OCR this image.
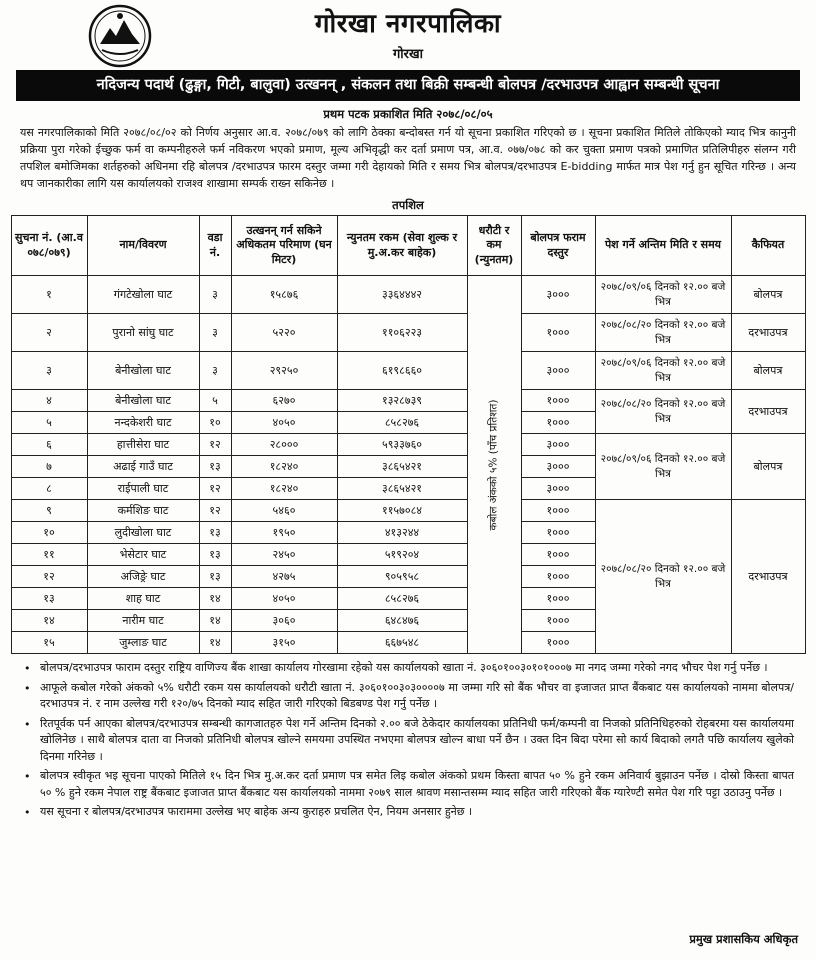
गोरखा नगरपालिका
गोरखा
नदिजन्य पदार्थ (ढुङ्गा, गिटी, बालुवा) उत्खनन् , संकलन तथा बिक्री सम्बन्धी बोलपत्र /दरभाउपत्र आह्वान सम्बन्धी सूचना
प्रथम पटक प्रकाशित मिति २०७८/०८/०५

यस नगरपालिकाको मिति २०७८/०८/०२ को निर्णय अनुसार आ.व. २०७८/०७९ को लागि ठेक्का बन्दोबस्त गर्न यो सूचना प्रकाशित गरिएको छ । सूचना प्रकाशित मितिले तोकिएको म्याद भित्र कानुनी प्रक्रिया पुरा गरेको ईच्छुक फर्म वा कम्पनीहरुले फर्म नविकरण भएको प्रमाण, मूल्य अभिवृद्धी कर दर्ता प्रमाण पत्र, आ.व. ०७७/०७८ को कर चुक्ता प्रमाण पत्रको प्रमाणित प्रतिलिपीहरु संलग्न गरी तपशिल बमोजिमका शर्तहरुको अधिनमा रहि बोलपत्र /दरभाउपत्र फारम दस्तुर जम्मा गरी देहायको मिति र समय भित्र बोलपत्र/दरभाउपत्र E-bidding मार्फत मात्र पेश गर्नु हुन सूचित गरिन्छ । अन्य थप जानकारीका लागि यस कार्यालयको राजश्व शाखामा सम्पर्क राख्न सकिनेछ ।

तपशिल
सुचना नं. (आ.व ०७८/०७९)	नाम/विवरण	वडा नं.	उत्खनन् गर्न सकिने अधिकतम परिमाण (घन मिटर)	न्युनतम रकम (सेवा शुल्क र मु.अ.कर बाहेक)	धरौटी र कम (न्युनतम)	बोलपत्र फराम दस्तुर	पेश गर्ने अन्तिम मिति र समय	कैफियत
१	गंगटेखोला घाट	३	१५८७६	३३६४४४२	कबोल अंकको ५% (पाँच प्रतिशत)	३०००	२०७८/०९/०६ दिनको १२.०० बजे भित्र	बोलपत्र
२	पुरानो सांघु घाट	३	५२२०	११०६२२३		१०००	२०७८/०८/२० दिनको १२.०० बजे भित्र	दरभाउपत्र
३	बेनीखोला घाट	३	२९२५०	६१९८६६०		३०००	२०७८/०९/०६ दिनको १२.०० बजे भित्र	बोलपत्र
४	बेनीखोला घाट	५	६२७०	१३२८७३९		१०००	२०७८/०८/२० दिनको १२.०० बजे भित्र	दरभाउपत्र
५	नन्दकेशरी घाट	१०	४०५०	८५८२७६		१०००		
६	हात्तीसेरा घाट	१२	२८०००	५९३३७६०		३०००	२०७८/०९/०६ दिनको १२.०० बजे भित्र	बोलपत्र
७	अढाई गाउँ घाट	१३	१८२४०	३८६५४२१		३०००		
८	राईपाली घाट	१२	१८२४०	३८६५४२१		३०००		
९	कर्मशिङ घाट	१२	५४६०	११५७०८४		१०००	२०७८/०८/२० दिनको १२.०० बजे भित्र	दरभाउपत्र
१०	लुदीखोला घाट	१३	१९५०	४१३२४४		१०००		
११	भेसेटार घाट	१३	२४५०	५१९२०४		१०००		
१२	अजिङ्रे घाट	१३	४२७५	९०५९५८		१०००		
१३	शाह घाट	१४	४०५०	८५८२७६		१०००		
१४	नारीम घाट	१४	३०६०	६४८४७६		१०००		
१५	जुम्लाङ घाट	१४	३१५०	६६७५४८		१०००		
• बोलपत्र/दरभाउपत्र फाराम दस्तुर राष्ट्रिय वाणिज्य बैंक शाखा कार्यालय गोरखामा रहेको यस कार्यालयको खाता नं. ३०६०१००३०१०१०००७ मा नगद जम्मा गरेको नगद भौचर पेश गर्नु पर्नेछ ।
• आफूले कबोल गरेको अंकको ५% धरौटी रकम यस कार्यालयको धरौटी खाता नं. ३०६०१००३०३००००७ मा जम्मा गरि सो बैंक भौचर वा इजाजत प्राप्त बैंकबाट यस कार्यालयको नाममा बोलपत्र/दरभाउपत्र नं. र नाम उल्लेख गरी १२०/७५ दिनको म्याद सहित जारी गरिएको बिडबण्ड पेश गर्नु पर्नेछ ।
• रितपूर्वक पर्न आएका बोलपत्र/दरभाउपत्र सम्बन्धी कागजातहरु पेश गर्ने अन्तिम दिनको २.०० बजे ठेकेदार कार्यालयका प्रतिनिधी फर्म/कम्पनी वा निजको प्रतिनिधिहरुको रोहबरमा यस कार्यालयमा खोलिनेछ । साथै बोलपत्र दाता वा निजको प्रतिनिधी बोलपत्र खोल्ने समयमा उपस्थित नभएमा बोलपत्र खोल्न बाधा पर्ने छैन । उक्त दिन बिदा परेमा सो कार्य बिदाको लगतै पछि कार्यालय खुलेको दिनमा गरिनेछ ।
• बोलपत्र स्वीकृत भइ सूचना पाएको मितिले १५ दिन भित्र मु.अ.कर दर्ता प्रमाण पत्र समेत लिइ कबोल अंकको प्रथम किस्ता बापत ५० % हुने रकम अनिवार्य बुझाउन पर्नेछ । दोस्रो किस्ता बापत ५० % हुने रकम नेपाल राष्ट्र बैंकबाट इजाजत प्राप्त बैंकबाट यस कार्यालयको नाममा २०७९ साल श्रावण मसान्तसम्म म्याद सहित जारी गरिएको बैंक ग्यारेण्टी समेत पेश गरि पट्टा उठाउनु पर्नेछ ।
• यस सूचना र बोलपत्र/दरभाउपत्र फाराममा उल्लेख भए बाहेक अन्य कुराहरु प्रचलित ऐन, नियम अनसार हुनेछ ।
प्रमुख प्रशासकिय अधिकृत
